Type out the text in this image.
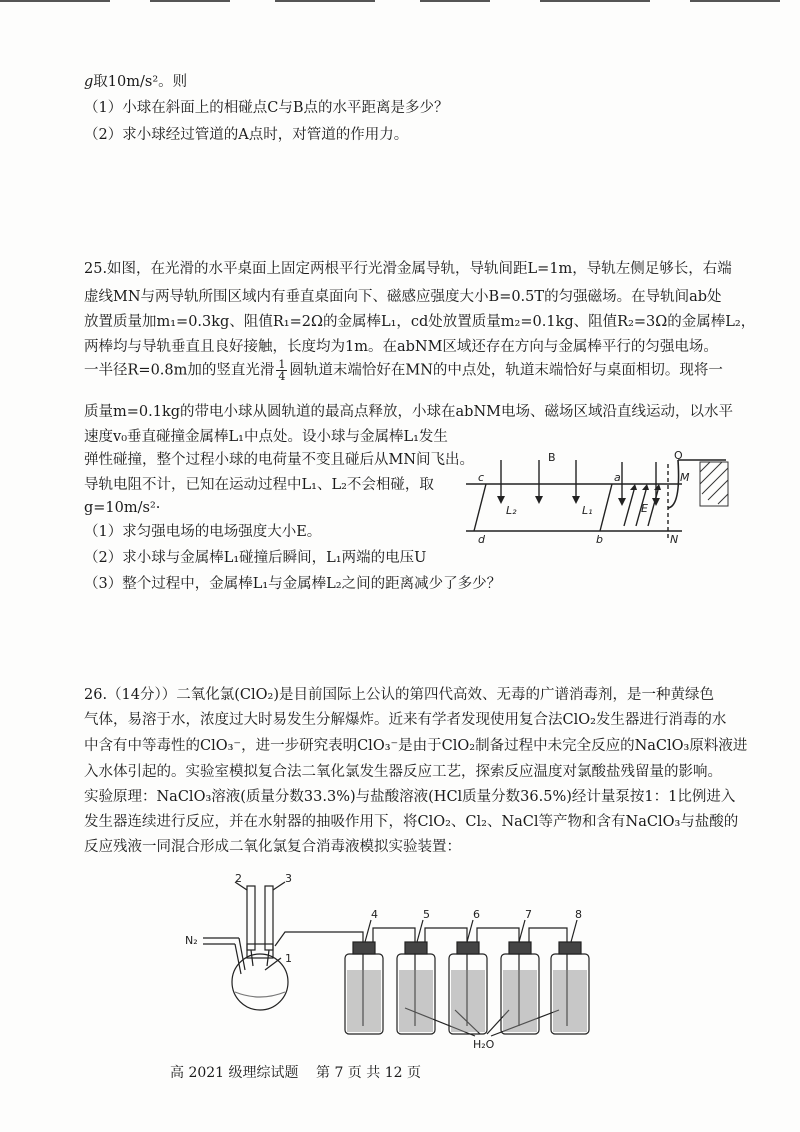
g取10m/s²。则
（1）小球在斜面上的相碰点C与B点的水平距离是多少？
（2）求小球经过管道的A点时，对管道的作用力。
25.如图，在光滑的水平桌面上固定两根平行光滑金属导轨，导轨间距L=1m，导轨左侧足够长，右端
虚线MN与两导轨所围区域内有垂直桌面向下、磁感应强度大小B=0.5T的匀强磁场。在导轨间ab处
放置质量加m₁=0.3kg、阻值R₁=2Ω的金属棒L₁，cd处放置质量m₂=0.1kg、阻值R₂=3Ω的金属棒L₂，
两棒均与导轨垂直且良好接触，长度均为1m。在abNM区域还存在方向与金属棒平行的匀强电场。
一半径R=0.8m加的竖直光滑 $\frac{1}{4}$ 圆轨道末端恰好在MN的中点处，轨道末端恰好与桌面相切。现将一
质量m=0.1kg的带电小球从圆轨道的最高点释放，小球在abNM电场、磁场区域沿直线运动，以水平
速度v₀垂直碰撞金属棒L₁中点处。设小球与金属棒L₁发生
弹性碰撞，整个过程小球的电荷量不变且碰后从MN间飞出。
导轨电阻不计，已知在运动过程中L₁、L₂不会相碰，取
g=10m/s²·
（1）求匀强电场的电场强度大小E。
（2）求小球与金属棒L₁碰撞后瞬间，L₁两端的电压U
（3）整个过程中，金属棒L₁与金属棒L₂之间的距离减少了多少？
B	O
c	a	M
L₂	L₁	E
d	b	N
26.（14分））二氧化氯(ClO₂)是目前国际上公认的第四代高效、无毒的广谱消毒剂，是一种黄绿色
气体，易溶于水，浓度过大时易发生分解爆炸。近来有学者发现使用复合法ClO₂发生器进行消毒的水
中含有中等毒性的ClO₃⁻，进一步研究表明ClO₃⁻是由于ClO₂制备过程中未完全反应的NaClO₃原料液进
入水体引起的。实验室模拟复合法二氧化氯发生器反应工艺，探索反应温度对氯酸盐残留量的影响。
实验原理：NaClO₃溶液(质量分数33.3%)与盐酸溶液(HCl质量分数36.5%)经计量泵按1：1比例进入
发生器连续进行反应，并在水射器的抽吸作用下，将ClO₂、Cl₂、NaCl等产物和含有NaClO₃与盐酸的
反应残液一同混合形成二氧化氯复合消毒液模拟实验装置：
2	3
N₂
1
4	5	6	7	8
H₂O
高 2021 级理综试题 第 7 页 共 12 页
